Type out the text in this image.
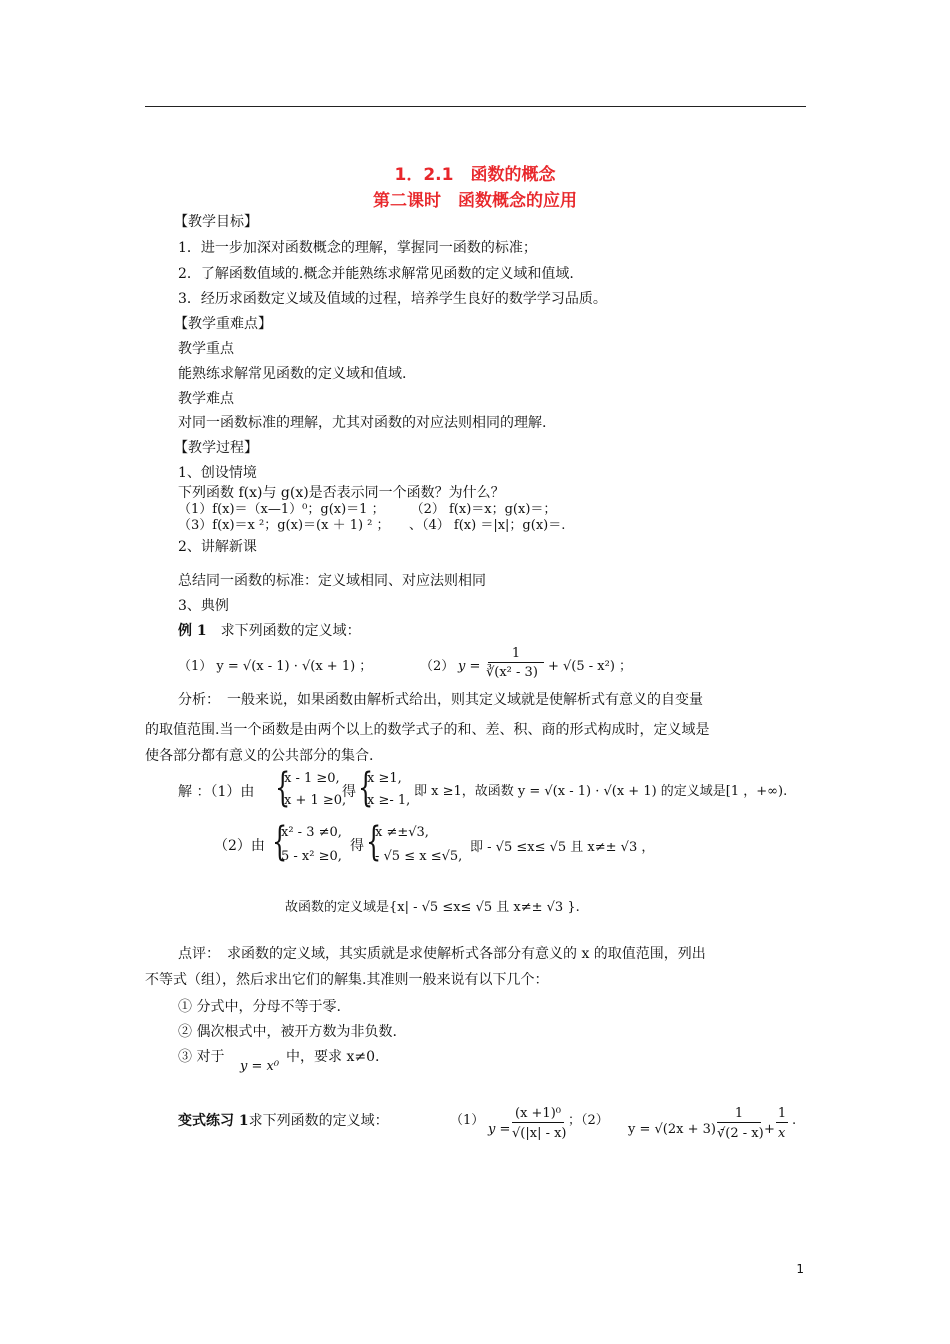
1．2.1　函数的概念
第二课时　函数概念的应用
【教学目标】
1．进一步加深对函数概念的理解，掌握同一函数的标准；
2．了解函数值域的.概念并能熟练求解常见函数的定义域和值域.
3．经历求函数定义域及值域的过程，培养学生良好的数学学习品质。
【教学重难点】
教学重点
能熟练求解常见函数的定义域和值域.
教学难点
对同一函数标准的理解，尤其对函数的对应法则相同的理解.
【教学过程】
1、创设情境
下列函数 f(x)与 g(x)是否表示同一个函数？为什么？
（1）f(x)＝（x—1）⁰；g(x)＝1 ；　　　（2） f(x)＝x；g(x)＝；
（3）f(x)＝x ²；g(x)＝(x ＋ 1) ² ；　　、（4） f(x) ＝|x|；g(x)＝.
2、讲解新课
总结同一函数的标准：定义域相同、对应法则相同
3、典例
例 1　求下列函数的定义域：
（1） y = √(x - 1) · √(x + 1) ；	（2） y =
1
∛(x² - 3) + √(5 - x²) ；
分析：　一般来说，如果函数由解析式给出，则其定义域就是使解析式有意义的自变量
的取值范围.当一个函数是由两个以上的数学式子的和、差、积、商的形式构成时，定义域是
使各部分都有意义的公共部分的集合.
解 ：（1）由 {
x - 1 ≥0,
x + 1 ≥0,
得 {
x ≥1,
x ≥- 1,
即 x ≥1，故函数 y = √(x - 1) · √(x + 1) 的定义域是[1 ，+∞).
（2）由 {
x² - 3 ≠0,
5 - x² ≥0,
得 {
x ≠±√3,
- √5 ≤ x ≤√5,
即 - √5 ≤x≤ √5 且 x≠± √3 ，
故函数的定义域是{x| - √5 ≤x≤ √5 且 x≠± √3 }.
点评：　求函数的定义域，其实质就是求使解析式各部分有意义的 x 的取值范围，列出
不等式（组），然后求出它们的解集.其准则一般来说有以下几个：
① 分式中，分母不等于零.
② 偶次根式中，被开方数为非负数.
③ 对于
y = x⁰
中，要求 x≠0.
变式练习 1求下列函数的定义域：	（1）
y =
(x +1)⁰
√(|x| - x)
；（2）
y = √(2x + 3) -
1
√(2 - x) +
1
x
.
1
